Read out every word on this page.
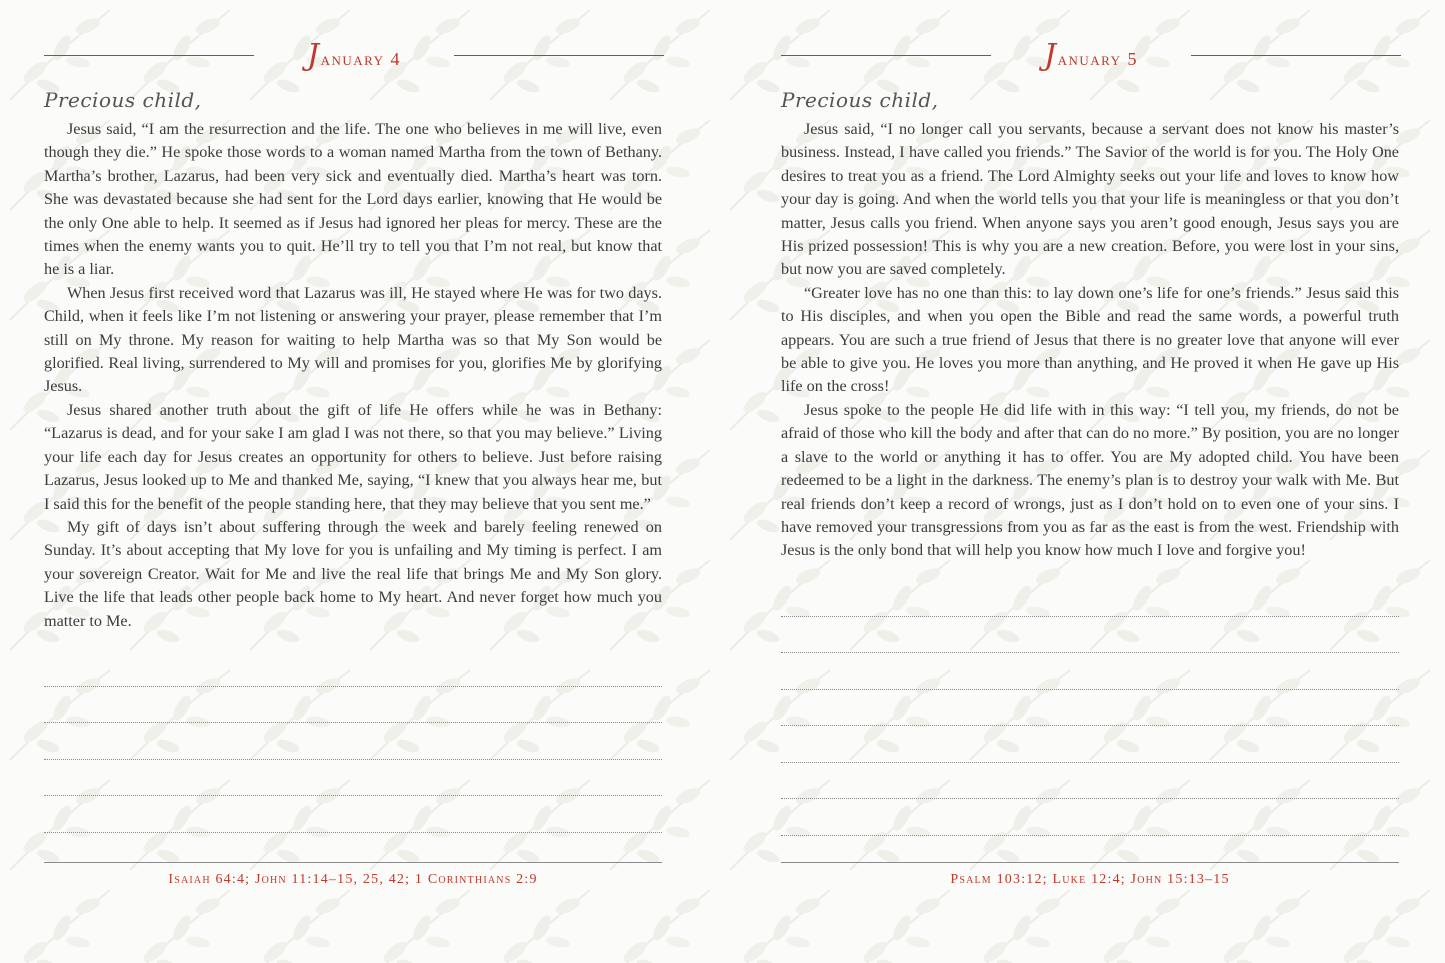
January 4
Precious child,

Jesus said, “I am the resurrection and the life. The one who believes in me will live, even though they die.” He spoke those words to a woman named Martha from the town of Bethany. Martha’s brother, Lazarus, had been very sick and eventually died. Martha’s heart was torn. She was devastated because she had sent for the Lord days earlier, knowing that He would be the only One able to help. It seemed as if Jesus had ignored her pleas for mercy. These are the times when the enemy wants you to quit. He’ll try to tell you that I’m not real, but know that he is a liar.

When Jesus first received word that Lazarus was ill, He stayed where He was for two days. Child, when it feels like I’m not listening or answering your prayer, please remember that I’m still on My throne. My reason for waiting to help Martha was so that My Son would be glorified. Real living, surrendered to My will and promises for you, glorifies Me by glorifying Jesus.

Jesus shared another truth about the gift of life He offers while he was in Bethany: “Lazarus is dead, and for your sake I am glad I was not there, so that you may believe.” Living your life each day for Jesus creates an opportunity for others to believe. Just before raising Lazarus, Jesus looked up to Me and thanked Me, saying, “I knew that you always hear me, but I said this for the benefit of the people standing here, that they may believe that you sent me.”

My gift of days isn’t about suffering through the week and barely feeling renewed on Sunday. It’s about accepting that My love for you is unfailing and My timing is perfect. I am your sovereign Creator. Wait for Me and live the real life that brings Me and My Son glory. Live the life that leads other people back home to My heart. And never forget how much you matter to Me.

Isaiah 64:4; John 11:14–15, 25, 42; 1 Corinthians 2:9
January 5
Precious child,

Jesus said, “I no longer call you servants, because a servant does not know his master’s business. Instead, I have called you friends.” The Savior of the world is for you. The Holy One desires to treat you as a friend. The Lord Almighty seeks out your life and loves to know how your day is going. And when the world tells you that your life is meaningless or that you don’t matter, Jesus calls you friend. When anyone says you aren’t good enough, Jesus says you are His prized possession! This is why you are a new creation. Before, you were lost in your sins, but now you are saved completely.

“Greater love has no one than this: to lay down one’s life for one’s friends.” Jesus said this to His disciples, and when you open the Bible and read the same words, a powerful truth appears. You are such a true friend of Jesus that there is no greater love that anyone will ever be able to give you. He loves you more than anything, and He proved it when He gave up His life on the cross!

Jesus spoke to the people He did life with in this way: “I tell you, my friends, do not be afraid of those who kill the body and after that can do no more.” By position, you are no longer a slave to the world or anything it has to offer. You are My adopted child. You have been redeemed to be a light in the darkness. The enemy’s plan is to destroy your walk with Me. But real friends don’t keep a record of wrongs, just as I don’t hold on to even one of your sins. I have removed your transgressions from you as far as the east is from the west. Friendship with Jesus is the only bond that will help you know how much I love and forgive you!

Psalm 103:12; Luke 12:4; John 15:13–15
